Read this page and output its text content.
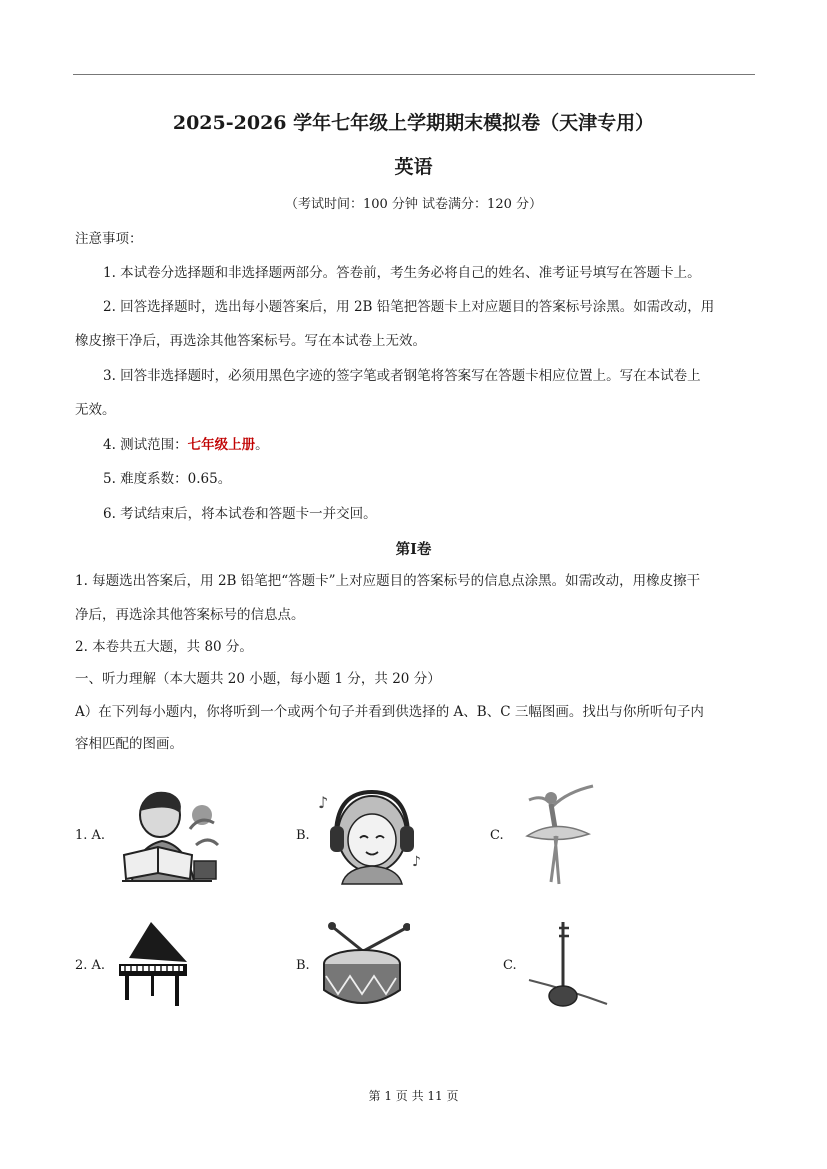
2025-2026 学年七年级上学期期末模拟卷（天津专用）
英语
（考试时间：100 分钟 试卷满分：120 分）
注意事项：
1. 本试卷分选择题和非选择题两部分。答卷前，考生务必将自己的姓名、准考证号填写在答题卡上。
2. 回答选择题时，选出每小题答案后，用 2B 铅笔把答题卡上对应题目的答案标号涂黑。如需改动，用
橡皮擦干净后，再选涂其他答案标号。写在本试卷上无效。
3. 回答非选择题时，必须用黑色字迹的签字笔或者钢笔将答案写在答题卡相应位置上。写在本试卷上
无效。
4. 测试范围：七年级上册。
5. 难度系数：0.65。
6. 考试结束后，将本试卷和答题卡一并交回。
第Ⅰ卷
1. 每题选出答案后，用 2B 铅笔把“答题卡”上对应题目的答案标号的信息点涂黑。如需改动，用橡皮擦干
净后，再选涂其他答案标号的信息点。
2. 本卷共五大题，共 80 分。
一、听力理解（本大题共 20 小题，每小题 1 分，共 20 分）
A）在下列每小题内，你将听到一个或两个句子并看到供选择的 A、B、C 三幅图画。找出与你所听句子内
容相匹配的图画。
1. A.	B.
♪
♪
C.
2. A.	B.	C.
第 1 页 共 11 页
